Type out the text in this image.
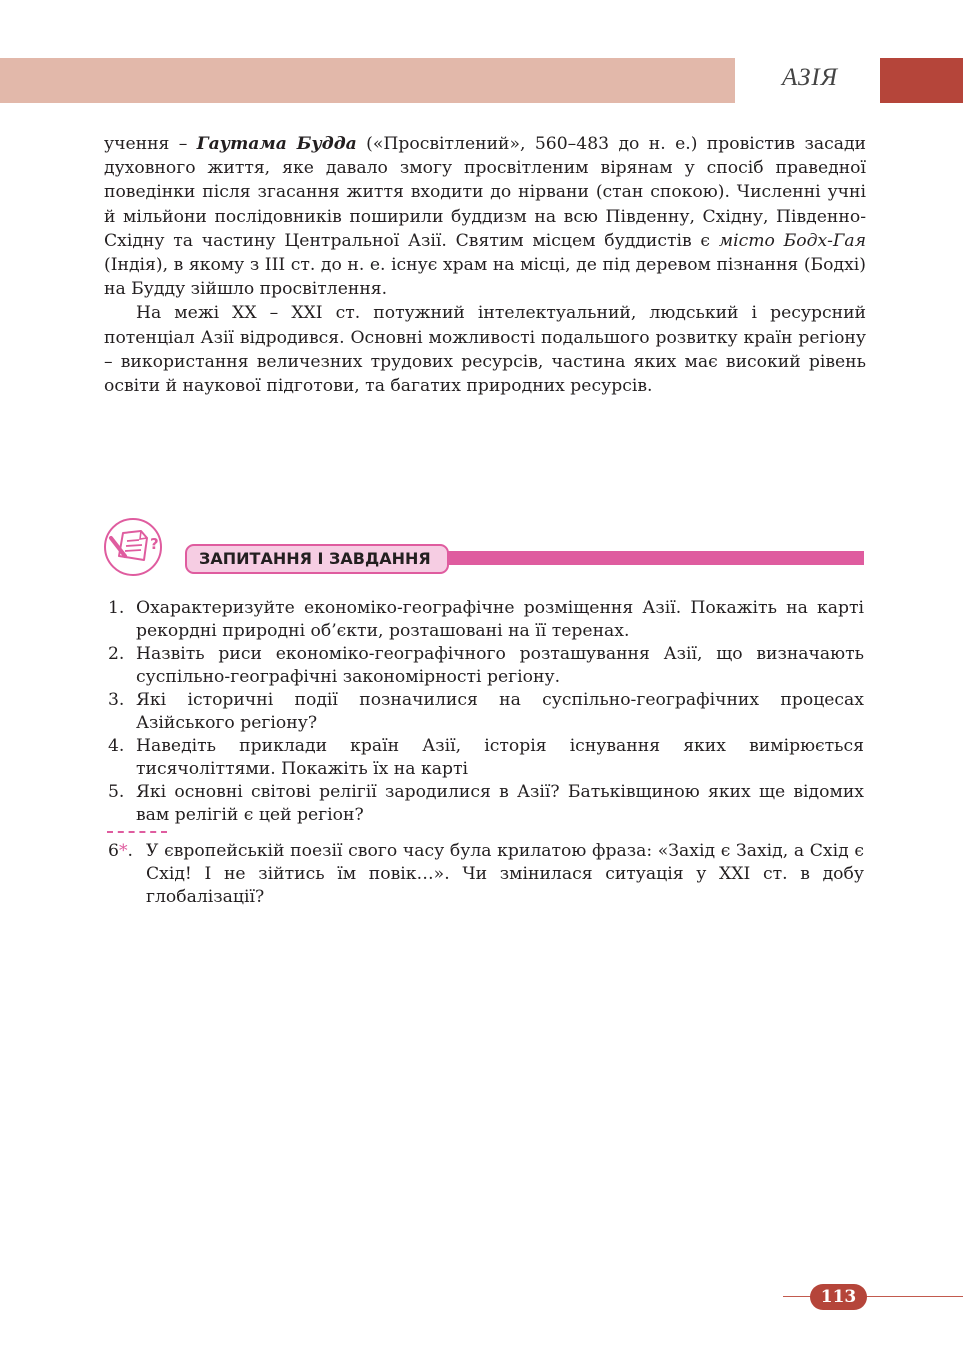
АЗІЯ

учення – Гаутама Будда («Просвітлений», 560–483 до н. е.) провістив засади духовного життя, яке давало змогу просвітленим вірянам у спосіб праведної поведінки після згасання життя входити до нірвани (стан спокою). Численні учні й мільйони послідовників поширили буддизм на всю Південну, Східну, Південно-Східну та частину Центральної Азії. Святим місцем буддистів є місто Бодх-Гая (Індія), в якому з ІІІ ст. до н. е. існує храм на місці, де під деревом пізнання (Бодхі) на Будду зійшло просвітлення.

На межі ХХ – ХХІ ст. потужний інтелектуальний, людський і ресурсний потенціал Азії відродився. Основні можливості подальшого розвитку країн регіону – використання величезних трудових ресурсів, частина яких має високий рівень освіти й наукової підготови, та багатих природних ресурсів.

ЗАПИТАННЯ І ЗАВДАННЯ
?
1. Охарактеризуйте економіко-географічне розміщення Азії. Покажіть на карті рекордні природні об’єкти, розташовані на її теренах.
2. Назвіть риси економіко-географічного розташування Азії, що визначають суспільно-географічні закономірності регіону.
3. Які історичні події позначилися на суспільно-географічних процесах Азійського регіону?
4. Наведіть приклади країн Азії, історія існування яких вимірюється тисячоліттями. Покажіть їх на карті
5. Які основні світові релігії зародилися в Азії? Батьківщиною яких ще відомих вам релігій є цей регіон?
6*. У європейській поезії свого часу була крилатою фраза: «Захід є Захід, а Схід є Схід! І не зійтись їм повік…». Чи змінилася ситуація у ХХІ ст. в добу глобалізації?
113
